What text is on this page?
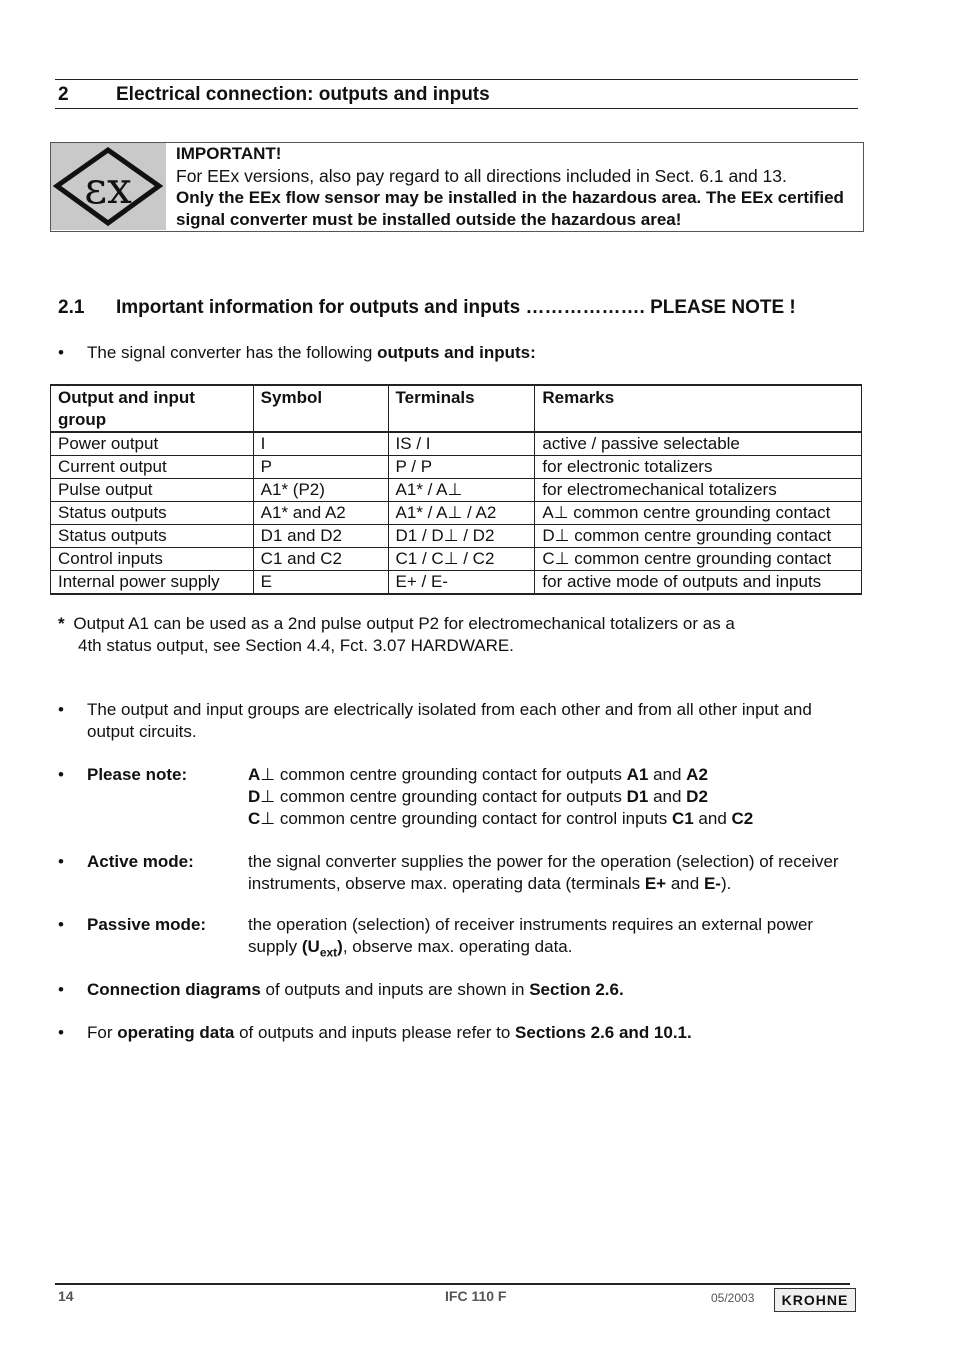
2 Electrical connection: outputs and inputs
εx
IMPORTANT!
For EEx versions, also pay regard to all directions included in Sect. 6.1 and 13.
Only the EEx flow sensor may be installed in the hazardous area. The EEx certified signal converter must be installed outside the hazardous area!
2.1 Important information for outputs and inputs ………………. PLEASE NOTE !
•	The signal converter has the following outputs and inputs:
Output and input group	Symbol	Terminals	Remarks
Power output	I	IS / I	active / passive selectable
Current output	P	P / P	for electronic totalizers
Pulse output	A1* (P2)	A1* / A⊥	for electromechanical totalizers
Status outputs	A1* and A2	A1* / A⊥ / A2	A⊥ common centre grounding contact
Status outputs	D1 and D2	D1 / D⊥ / D2	D⊥ common centre grounding contact
Control inputs	C1 and C2	C1 / C⊥ / C2	C⊥ common centre grounding contact
Internal power supply	E	E+ / E-	for active mode of outputs and inputs
* Output A1 can be used as a 2nd pulse output P2 for electromechanical totalizers or as a
4th status output, see Section 4.4, Fct. 3.07 HARDWARE.
•	The output and input groups are electrically isolated from each other and from all other input and output circuits.
•	Please note:	A⊥ common centre grounding contact for outputs A1 and A2
D⊥ common centre grounding contact for outputs D1 and D2
C⊥ common centre grounding contact for control inputs C1 and C2
•	Active mode:	the signal converter supplies the power for the operation (selection) of receiver instruments, observe max. operating data (terminals E+ and E-).
•	Passive mode: the operation (selection) of receiver instruments requires an external power supply $(U_{ext})$, observe max. operating data.
•	Connection diagrams of outputs and inputs are shown in Section 2.6.
•	For operating data of outputs and inputs please refer to Sections 2.6 and 10.1.
14	IFC 110 F	05/2003	KROHNE
